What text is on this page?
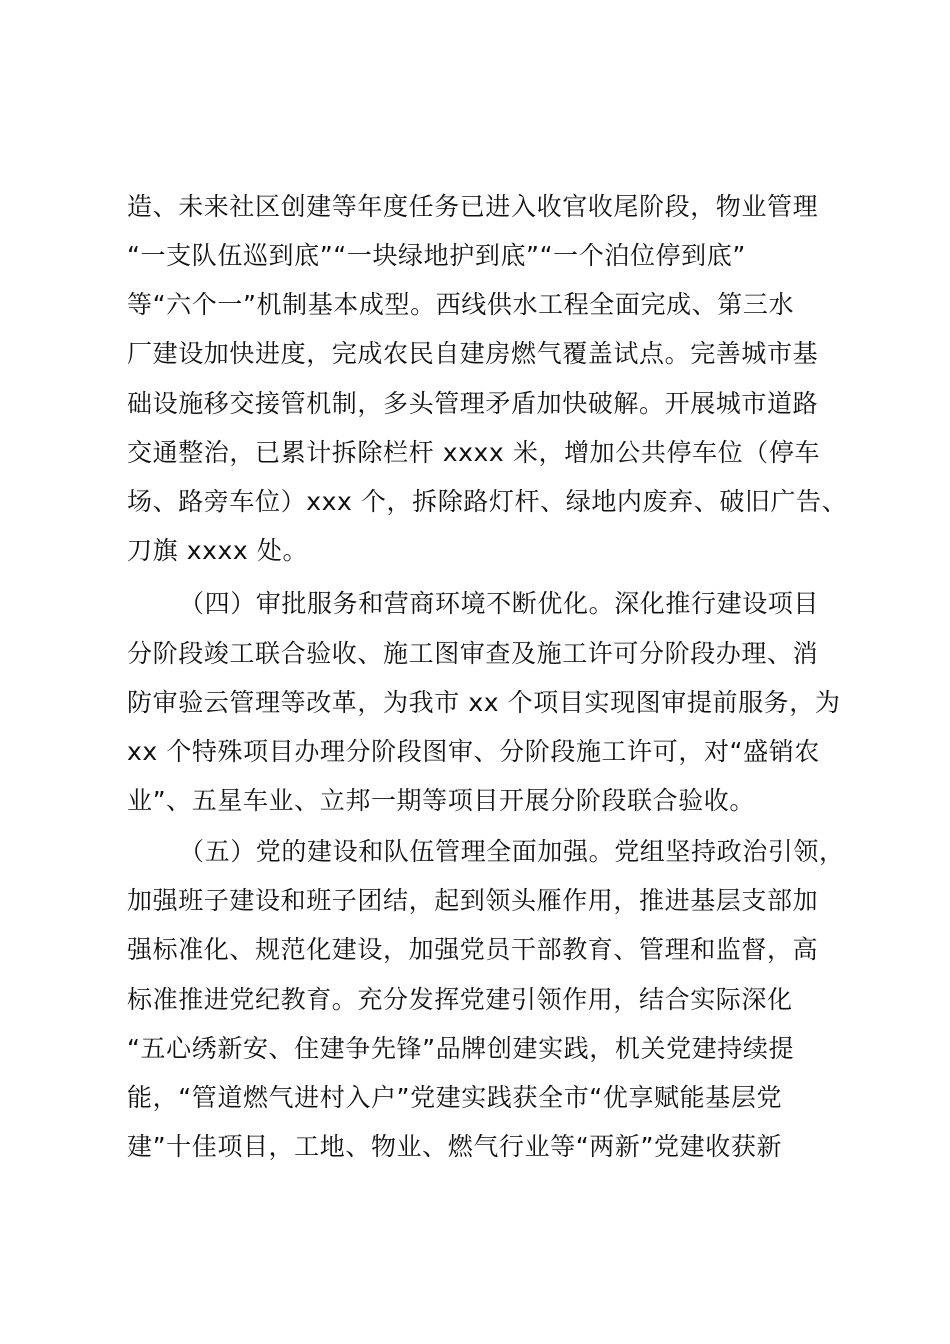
造、未来社区创建等年度任务已进入收官收尾阶段，物业管理
“一支队伍巡到底”“一块绿地护到底”“一个泊位停到底”
等“六个一”机制基本成型。西线供水工程全面完成、第三水
厂建设加快进度，完成农民自建房燃气覆盖试点。完善城市基
础设施移交接管机制，多头管理矛盾加快破解。开展城市道路
交通整治，已累计拆除栏杆 xxxx 米，增加公共停车位（停车
场、路旁车位）xxx 个，拆除路灯杆、绿地内废弃、破旧广告、
刀旗 xxxx 处。
（四）审批服务和营商环境不断优化。深化推行建设项目
分阶段竣工联合验收、施工图审查及施工许可分阶段办理、消
防审验云管理等改革，为我市 xx 个项目实现图审提前服务，为
xx 个特殊项目办理分阶段图审、分阶段施工许可，对“盛销农
业”、五星车业、立邦一期等项目开展分阶段联合验收。
（五）党的建设和队伍管理全面加强。党组坚持政治引领，
加强班子建设和班子团结，起到领头雁作用，推进基层支部加
强标准化、规范化建设，加强党员干部教育、管理和监督，高
标准推进党纪教育。充分发挥党建引领作用，结合实际深化
“五心绣新安、住建争先锋”品牌创建实践，机关党建持续提
能，“管道燃气进村入户”党建实践获全市“优享赋能基层党
建”十佳项目，工地、物业、燃气行业等“两新”党建收获新
